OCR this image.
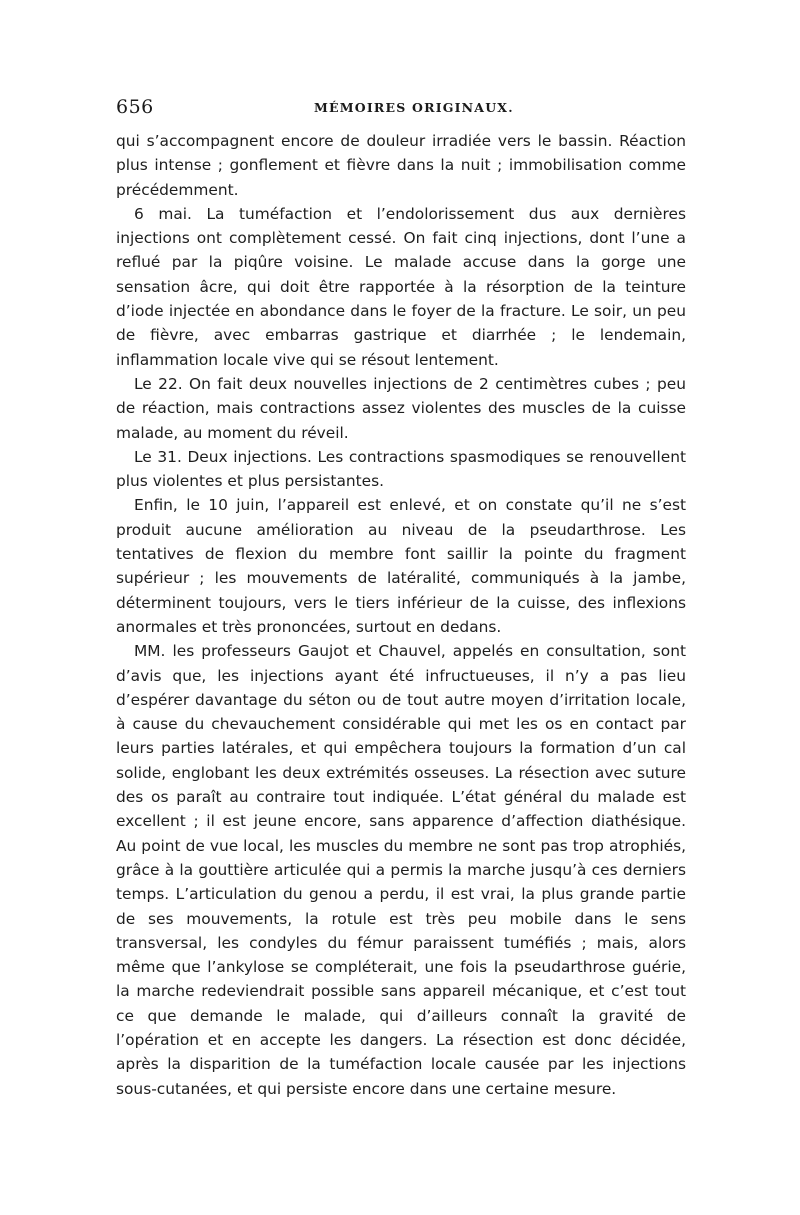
656	MÉMOIRES ORIGINAUX.

qui s’accompagnent encore de douleur irradiée vers le bassin. Réaction plus intense ; gonflement et fièvre dans la nuit ; immobilisation comme précédemment.

6 mai. La tuméfaction et l’endolorissement dus aux dernières injections ont complètement cessé. On fait cinq injections, dont l’une a reflué par la piqûre voisine. Le malade accuse dans la gorge une sensation âcre, qui doit être rapportée à la résorption de la teinture d’iode injectée en abondance dans le foyer de la fracture. Le soir, un peu de fièvre, avec embarras gastrique et diarrhée ; le lendemain, inflammation locale vive qui se résout lentement.

Le 22. On fait deux nouvelles injections de 2 centimètres cubes ; peu de réaction, mais contractions assez violentes des muscles de la cuisse malade, au moment du réveil.

Le 31. Deux injections. Les contractions spasmodiques se renouvellent plus violentes et plus persistantes.

Enfin, le 10 juin, l’appareil est enlevé, et on constate qu’il ne s’est produit aucune amélioration au niveau de la pseudarthrose. Les tentatives de flexion du membre font saillir la pointe du fragment supérieur ; les mouvements de latéralité, communiqués à la jambe, déterminent toujours, vers le tiers inférieur de la cuisse, des inflexions anormales et très prononcées, surtout en dedans.

MM. les professeurs Gaujot et Chauvel, appelés en consultation, sont d’avis que, les injections ayant été infructueuses, il n’y a pas lieu d’espérer davantage du séton ou de tout autre moyen d’irritation locale, à cause du chevauchement considérable qui met les os en contact par leurs parties latérales, et qui empêchera toujours la formation d’un cal solide, englobant les deux extrémités osseuses. La résection avec suture des os paraît au contraire tout indiquée. L’état général du malade est excellent ; il est jeune encore, sans apparence d’affection diathésique. Au point de vue local, les muscles du membre ne sont pas trop atrophiés, grâce à la gouttière articulée qui a permis la marche jusqu’à ces derniers temps. L’articulation du genou a perdu, il est vrai, la plus grande partie de ses mouvements, la rotule est très peu mobile dans le sens transversal, les condyles du fémur paraissent tuméfiés ; mais, alors même que l’ankylose se compléterait, une fois la pseudarthrose guérie, la marche redeviendrait possible sans appareil mécanique, et c’est tout ce que demande le malade, qui d’ailleurs connaît la gravité de l’opération et en accepte les dangers. La résection est donc décidée, après la disparition de la tuméfaction locale causée par les injections sous-cutanées, et qui persiste encore dans une certaine mesure.
